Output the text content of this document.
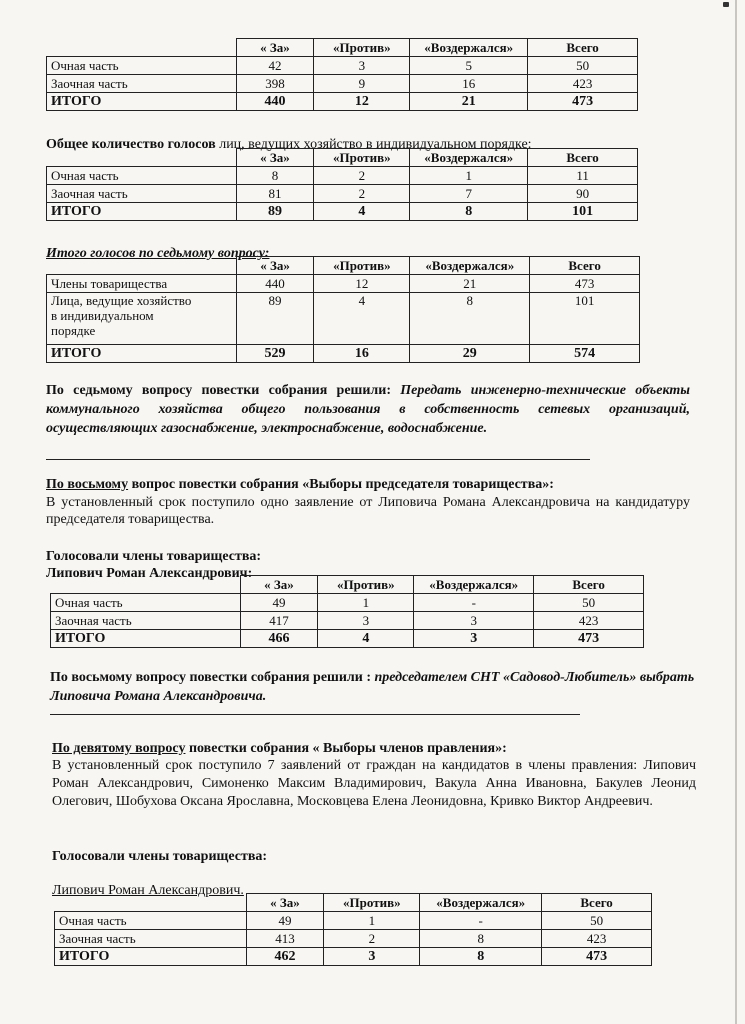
	« За»	«Против»	«Воздержался»	Всего
Очная часть	42	3	5	50
Заочная часть	398	9	16	423
ИТОГО	440	12	21	473
Общее количество голосов лиц, ведущих хозяйство в индивидуальном порядке:
	« За»	«Против»	«Воздержался»	Всего
Очная часть	8	2	1	11
Заочная часть	81	2	7	90
ИТОГО	89	4	8	101
Итого голосов по седьмому вопросу:
	« За»	«Против»	«Воздержался»	Всего
Члены товарищества	440	12	21	473

Лица, ведущие хозяйство
в индивидуальном
порядке	89	4	8	101
ИТОГО	529	16	29	574
По седьмому вопросу повестки собрания решили: Передать инженерно-технические объекты коммунального хозяйства общего пользования в собственность сетевых организаций, осуществляющих газоснабжение, электроснабжение, водоснабжение.
По восьмому вопрос повестки собрания «Выборы председателя товарищества»:
В установленный срок поступило одно заявление от Липовича Романа Александровича на кандидатуру председателя товарищества.
Голосовали члены товарищества:
Липович Роман Александрович:
	« За»	«Против»	«Воздержался»	Всего
Очная часть	49	1	-	50
Заочная часть	417	3	3	423
ИТОГО	466	4	3	473
По восьмому вопросу повестки собрания решили : председателем СНТ «Садовод-Любитель» выбрать Липовича Романа Александровича.
По девятому вопросу повестки собрания « Выборы членов правления»:
В установленный срок поступило 7 заявлений от граждан на кандидатов в члены правления: Липович Роман Александрович, Симоненко Максим Владимирович, Вакула Анна Ивановна, Бакулев Леонид Олегович, Шобухова Оксана Ярославна, Московцева Елена Леонидовна, Кривко Виктор Андреевич.
Голосовали члены товарищества:
Липович Роман Александрович.
	« За»	«Против»	«Воздержался»	Всего
Очная часть	49	1	-	50
Заочная часть	413	2	8	423
ИТОГО	462	3	8	473
